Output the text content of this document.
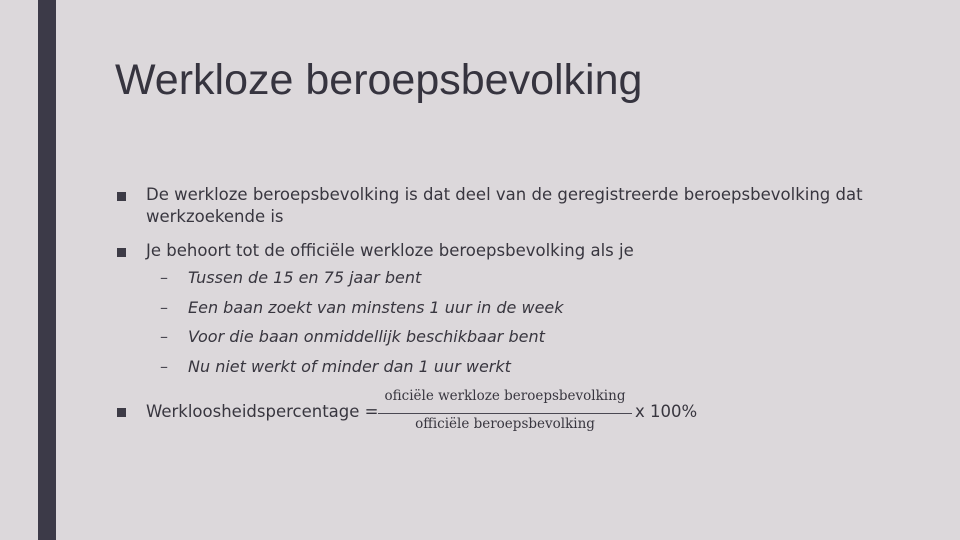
Werkloze beroepsbevolking
De werkloze beroepsbevolking is dat deel van de geregistreerde beroepsbevolking dat werkzoekende is
Je behoort tot de officiële werkloze beroepsbevolking als je
– Tussen de 15 en 75 jaar bent
– Een baan zoekt van minstens 1 uur in de week
– Voor die baan onmiddellijk beschikbaar bent
– Nu niet werkt of minder dan 1 uur werkt
Werkloosheidspercentage =
oficiële werkloze beroepsbevolking
officiële beroepsbevolking
x 100%
